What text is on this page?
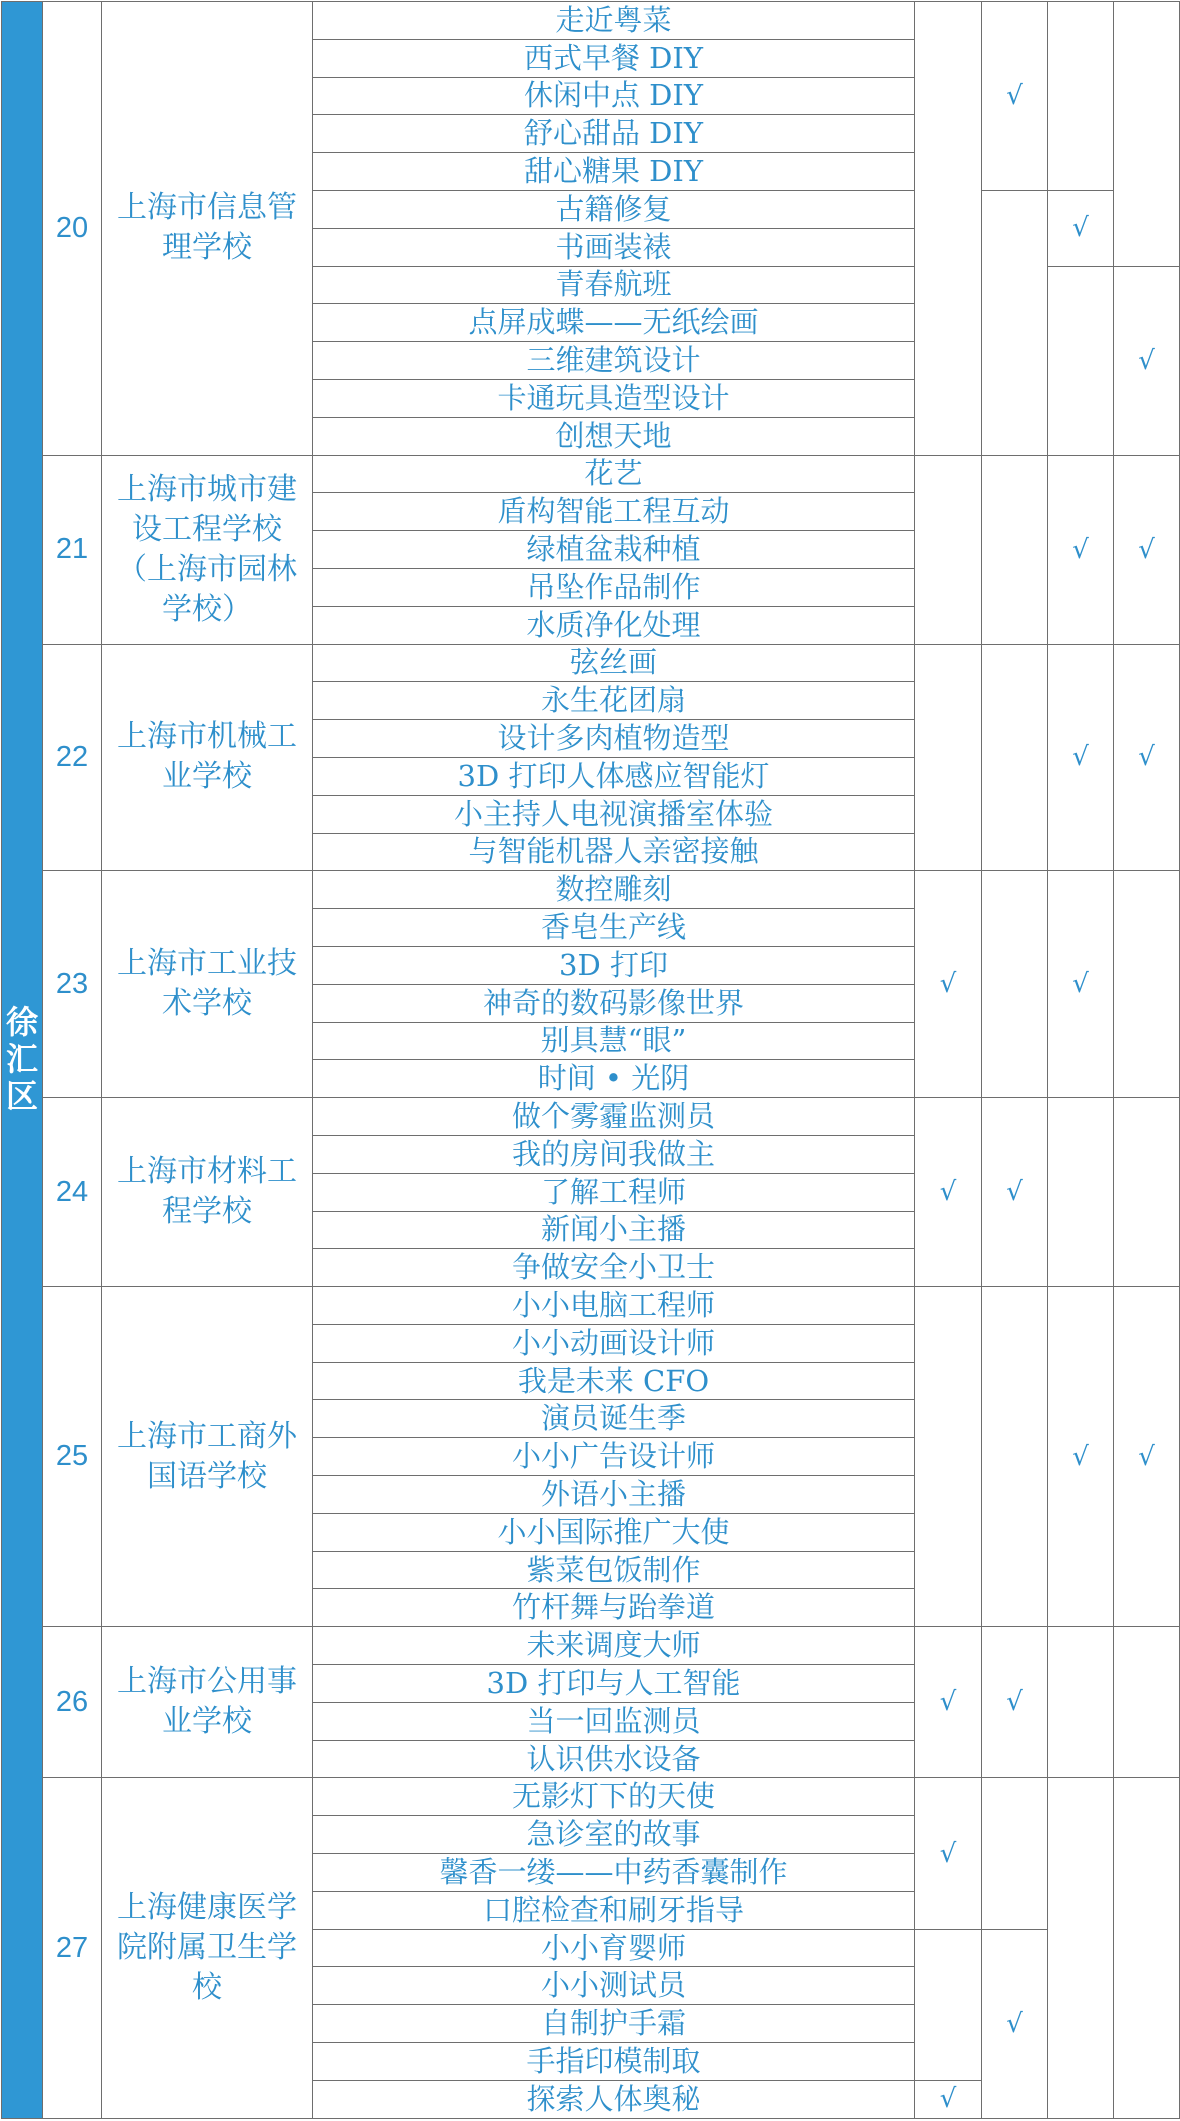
徐汇区	20	上海市信息管理学校	走近粤菜		√		
			西式早餐 DIY				
			休闲中点 DIY				
			舒心甜品 DIY				
			甜心糖果 DIY				
			古籍修复			√	
			书画装裱				
			青春航班				√
			点屏成蝶——无纸绘画				
			三维建筑设计				
			卡通玩具造型设计				
			创想天地				
	21	上海市城市建设工程学校（上海市园林学校）	花艺			√	√
			盾构智能工程互动				
			绿植盆栽种植				
			吊坠作品制作				
			水质净化处理				
	22	上海市机械工业学校	弦丝画			√	√
			永生花团扇				
			设计多肉植物造型				
			3D 打印人体感应智能灯				
			小主持人电视演播室体验				
			与智能机器人亲密接触				
	23	上海市工业技术学校	数控雕刻	√		√	
			香皂生产线				
			3D 打印				
			神奇的数码影像世界				
			别具慧“眼”				
			时间 • 光阴				
	24	上海市材料工程学校	做个雾霾监测员	√	√		
			我的房间我做主				
			了解工程师				
			新闻小主播				
			争做安全小卫士				
	25	上海市工商外国语学校	小小电脑工程师			√	√
			小小动画设计师				
			我是未来 CFO				
			演员诞生季				
			小小广告设计师				
			外语小主播				
			小小国际推广大使				
			紫菜包饭制作				
			竹杆舞与跆拳道				
	26	上海市公用事业学校	未来调度大师	√	√		
			3D 打印与人工智能				
			当一回监测员				
			认识供水设备				
	27	上海健康医学院附属卫生学校	无影灯下的天使	√			
			急诊室的故事				
			馨香一缕——中药香囊制作				
			口腔检查和刷牙指导				
			小小育婴师		√		
			小小测试员				
			自制护手霜				
			手指印模制取				
			探索人体奥秘	√			
